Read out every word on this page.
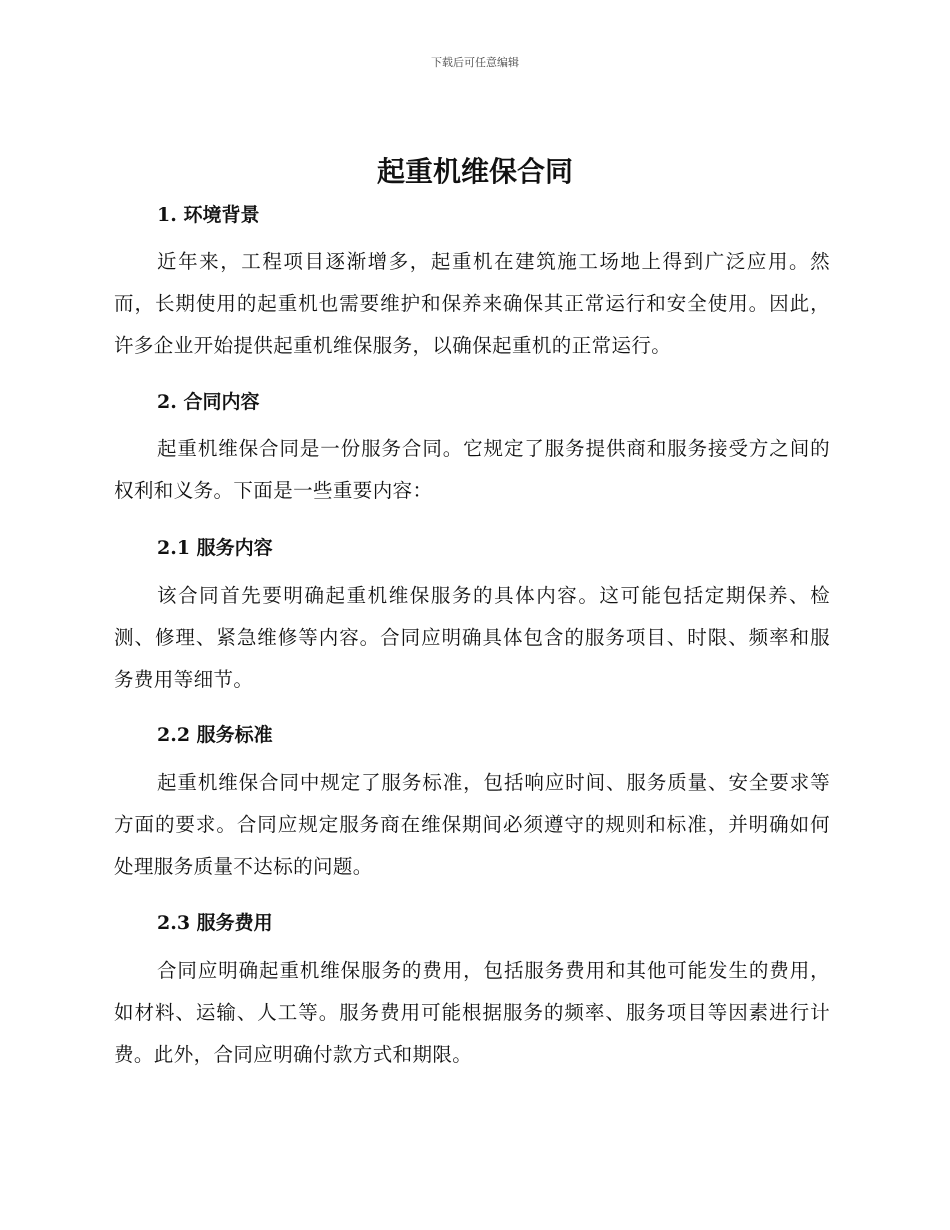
下载后可任意编辑
起重机维保合同
1. 环境背景

近年来，工程项目逐渐增多，起重机在建筑施工场地上得到广泛应用。然而，长期使用的起重机也需要维护和保养来确保其正常运行和安全使用。因此，许多企业开始提供起重机维保服务，以确保起重机的正常运行。

2. 合同内容

起重机维保合同是一份服务合同。它规定了服务提供商和服务接受方之间的权利和义务。下面是一些重要内容：

2.1 服务内容

该合同首先要明确起重机维保服务的具体内容。这可能包括定期保养、检测、修理、紧急维修等内容。合同应明确具体包含的服务项目、时限、频率和服务费用等细节。

2.2 服务标准

起重机维保合同中规定了服务标准，包括响应时间、服务质量、安全要求等方面的要求。合同应规定服务商在维保期间必须遵守的规则和标准，并明确如何处理服务质量不达标的问题。

2.3 服务费用

合同应明确起重机维保服务的费用，包括服务费用和其他可能发生的费用，如材料、运输、人工等。服务费用可能根据服务的频率、服务项目等因素进行计费。此外，合同应明确付款方式和期限。
